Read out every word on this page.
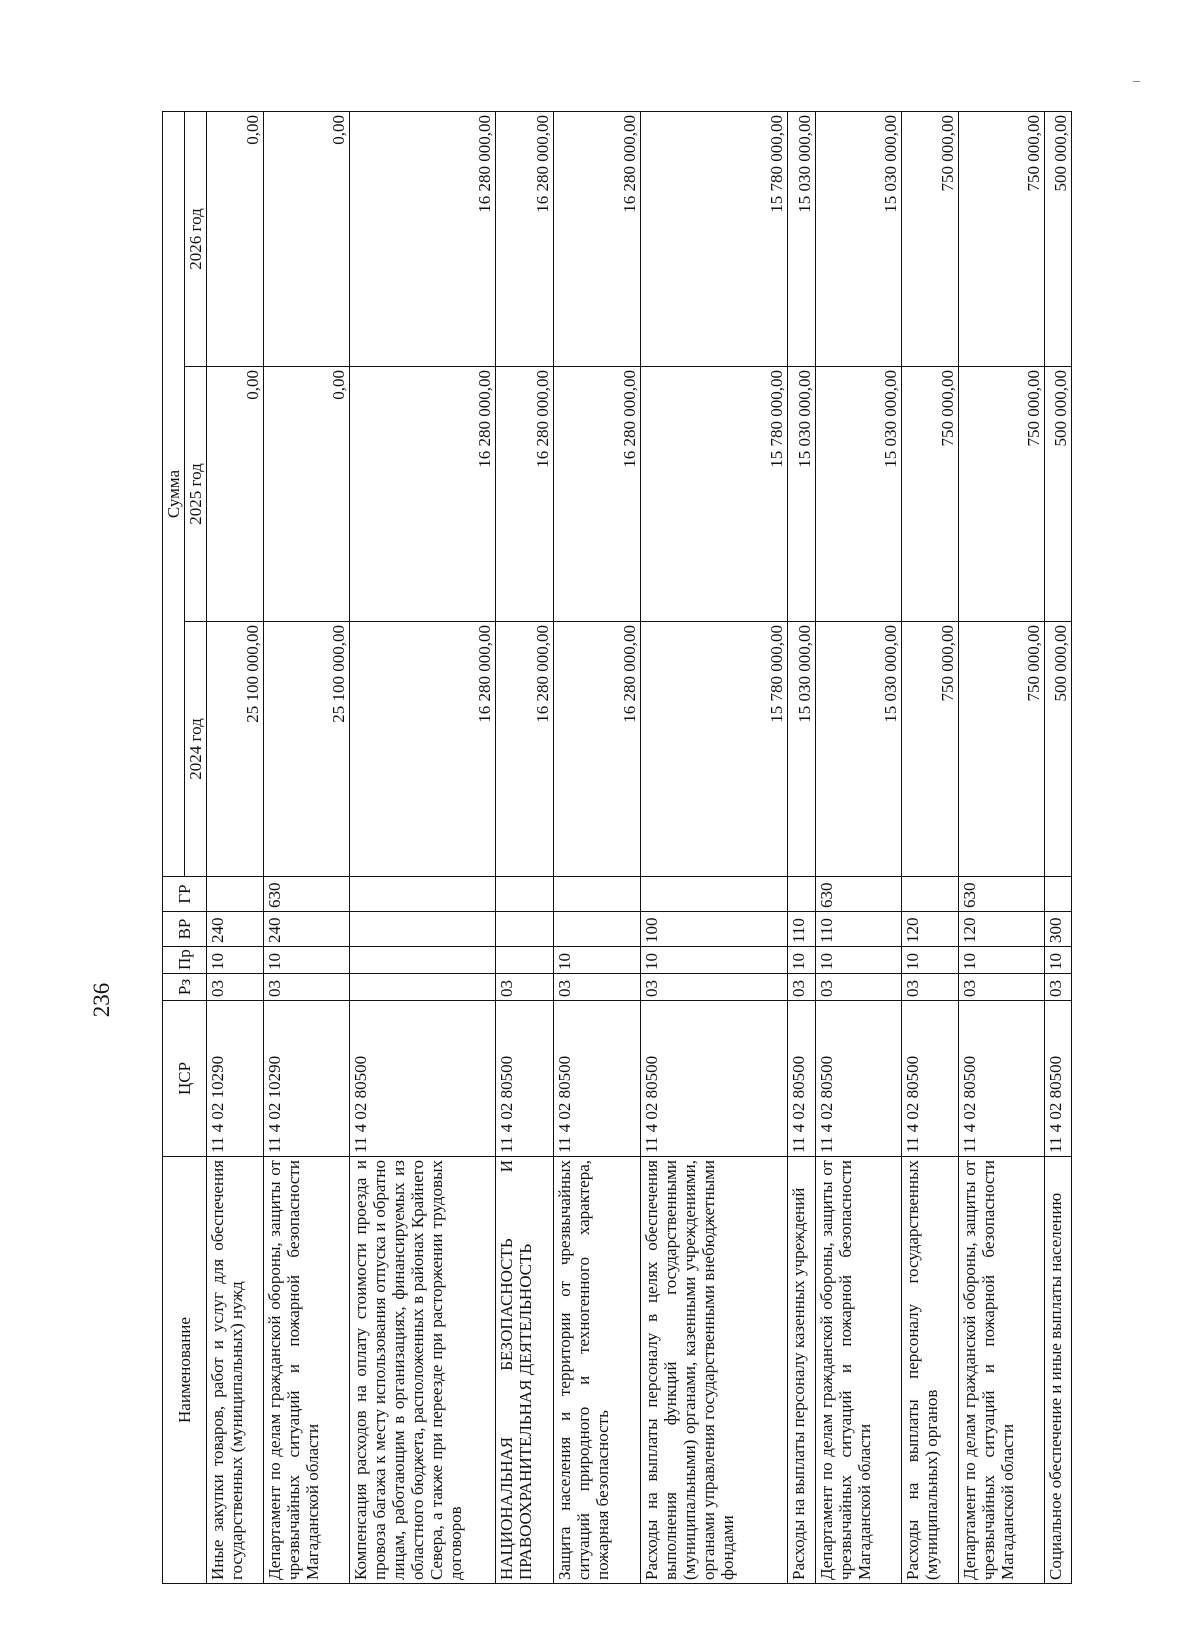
236
Наименование	ЦСР	Рз	Пр	ВР	ГР	Сумма		
						2024 год	2025 год	2026 год
Иные закупки товаров, работ и услуг для обеспечения государственных (муниципальных) нужд	11 4 02 10290	03	10	240		25 100 000,00	0,00	0,00
Департамент по делам гражданской обороны, защиты от чрезвычайных ситуаций и пожарной безопасности Магаданской области	11 4 02 10290	03	10	240	630	25 100 000,00	0,00	0,00
Компенсация расходов на оплату стоимости проезда и провоза багажа к месту использования отпуска и обратно лицам, работающим в организациях, финансируемых из областного бюджета, расположенных в районах Крайнего Севера, а также при переезде при расторжении трудовых договоров	11 4 02 80500					16 280 000,00	16 280 000,00	16 280 000,00
НАЦИОНАЛЬНАЯ БЕЗОПАСНОСТЬ И ПРАВООХРАНИТЕЛЬНАЯ ДЕЯТЕЛЬНОСТЬ	11 4 02 80500	03				16 280 000,00	16 280 000,00	16 280 000,00
Защита населения и территории от чрезвычайных ситуаций природного и техногенного характера, пожарная безопасность	11 4 02 80500	03	10			16 280 000,00	16 280 000,00	16 280 000,00
Расходы на выплаты персоналу в целях обеспечения выполнения функций государственными (муниципальными) органами, казенными учреждениями, органами управления государственными внебюджетными фондами	11 4 02 80500	03	10	100		15 780 000,00	15 780 000,00	15 780 000,00
Расходы на выплаты персоналу казенных учреждений	11 4 02 80500	03	10	110		15 030 000,00	15 030 000,00	15 030 000,00
Департамент по делам гражданской обороны, защиты от чрезвычайных ситуаций и пожарной безопасности Магаданской области	11 4 02 80500	03	10	110	630	15 030 000,00	15 030 000,00	15 030 000,00
Расходы на выплаты персоналу государственных (муниципальных) органов	11 4 02 80500	03	10	120		750 000,00	750 000,00	750 000,00
Департамент по делам гражданской обороны, защиты от чрезвычайных ситуаций и пожарной безопасности Магаданской области	11 4 02 80500	03	10	120	630	750 000,00	750 000,00	750 000,00
Социальное обеспечение и иные выплаты населению	11 4 02 80500	03	10	300		500 000,00	500 000,00	500 000,00
